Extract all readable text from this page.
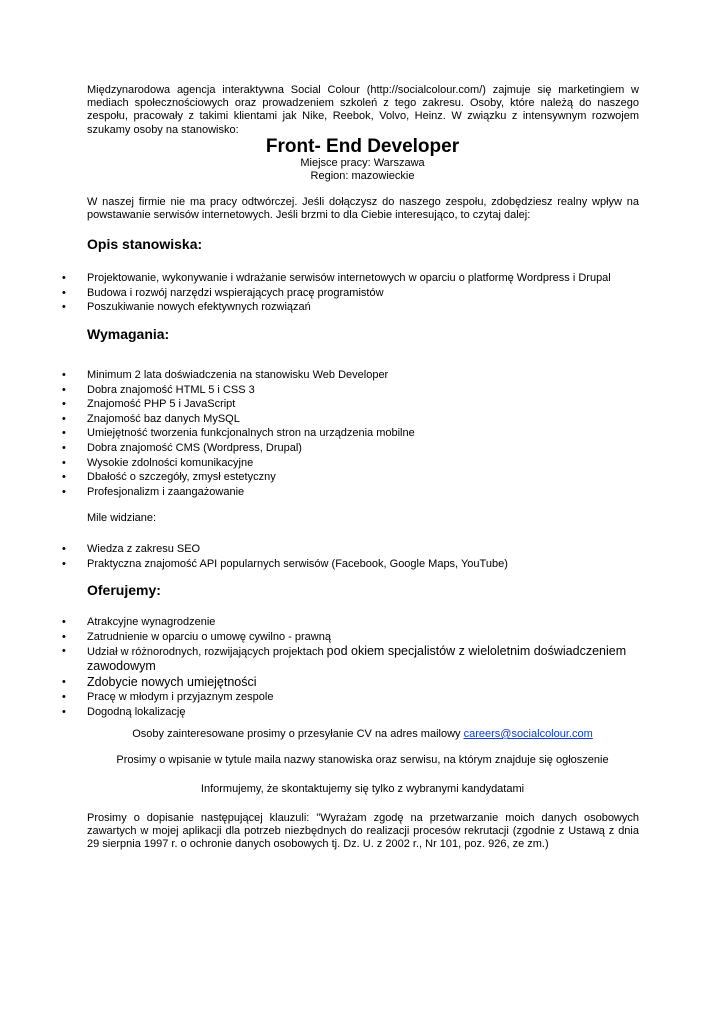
Międzynarodowa agencja interaktywna Social Colour (http://socialcolour.com/) zajmuje się marketingiem w mediach społecznościowych oraz prowadzeniem szkoleń z tego zakresu. Osoby, które należą do naszego zespołu, pracowały z takimi klientami jak Nike, Reebok, Volvo, Heinz. W związku z intensywnym rozwojem szukamy osoby na stanowisko:

Front- End Developer
Miejsce pracy: Warszawa
Region: mazowieckie

W naszej firmie nie ma pracy odtwórczej. Jeśli dołączysz do naszego zespołu, zdobędziesz realny wpływ na powstawanie serwisów internetowych. Jeśli brzmi to dla Ciebie interesująco, to czytaj dalej:

Opis stanowiska:
• Projektowanie, wykonywanie i wdrażanie serwisów internetowych w oparciu o platformę Wordpress i Drupal
• Budowa i rozwój narzędzi wspierających pracę programistów
• Poszukiwanie nowych efektywnych rozwiązań
Wymagania:
• Minimum 2 lata doświadczenia na stanowisku Web Developer
• Dobra znajomość HTML 5 i CSS 3
• Znajomość PHP 5 i JavaScript
• Znajomość baz danych MySQL
• Umiejętność tworzenia funkcjonalnych stron na urządzenia mobilne
• Dobra znajomość CMS (Wordpress, Drupal)
• Wysokie zdolności komunikacyjne
• Dbałość o szczegóły, zmysł estetyczny
• Profesjonalizm i zaangażowanie
Mile widziane:
• Wiedza z zakresu SEO
• Praktyczna znajomość API popularnych serwisów (Facebook, Google Maps, YouTube)
Oferujemy:
• Atrakcyjne wynagrodzenie
• Zatrudnienie w oparciu o umowę cywilno - prawną
• Udział w różnorodnych, rozwijających projektach pod okiem specjalistów z wieloletnim doświadczeniem zawodowym
• Zdobycie nowych umiejętności
• Pracę w młodym i przyjaznym zespole
• Dogodną lokalizację
Osoby zainteresowane prosimy o przesyłanie CV na adres mailowy careers@socialcolour.com
Prosimy o wpisanie w tytule maila nazwy stanowiska oraz serwisu, na którym znajduje się ogłoszenie
Informujemy, że skontaktujemy się tylko z wybranymi kandydatami

Prosimy o dopisanie następującej klauzuli: "Wyrażam zgodę na przetwarzanie moich danych osobowych zawartych w mojej aplikacji dla potrzeb niezbędnych do realizacji procesów rekrutacji (zgodnie z Ustawą z dnia 29 sierpnia 1997 r. o ochronie danych osobowych tj. Dz. U. z 2002 r., Nr 101, poz. 926, ze zm.)
